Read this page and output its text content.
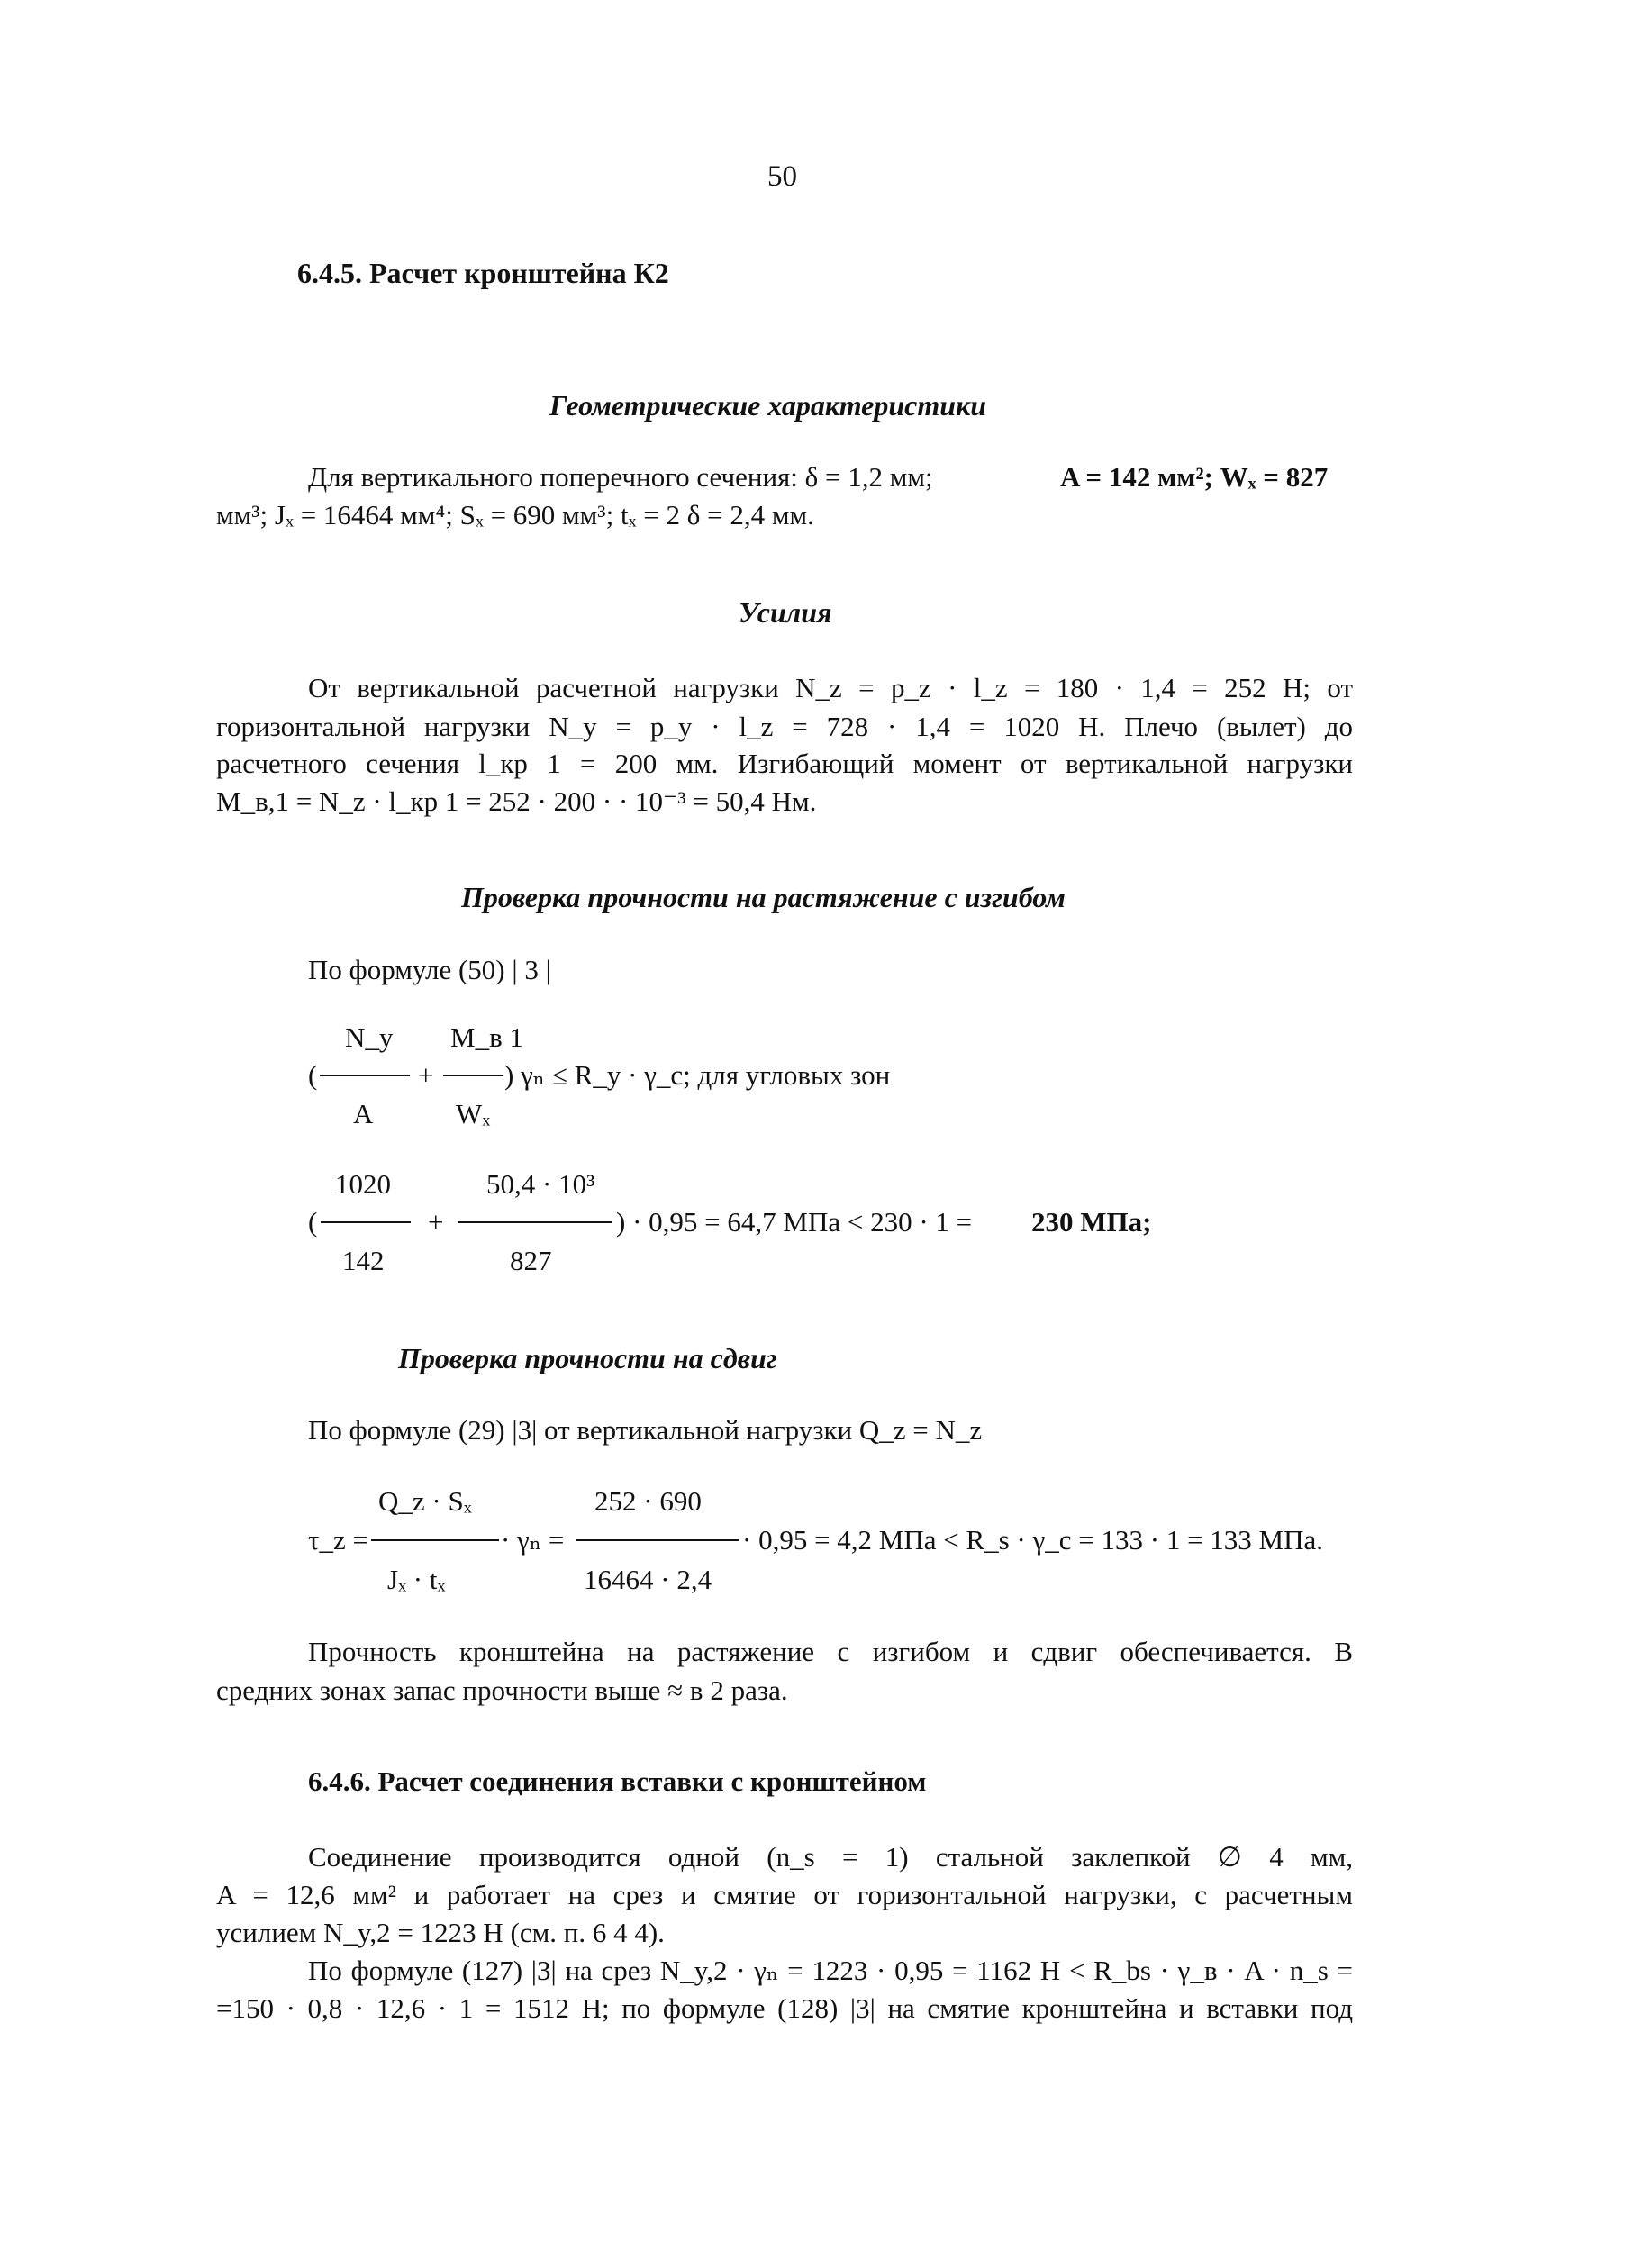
50
6.4.5. Расчет кронштейна К2
Геометрические характеристики
Для вертикального поперечного сечения: δ = 1,2 мм;	A = 142 мм²; Wₓ = 827
мм³; Jₓ = 16464 мм⁴; Sₓ = 690 мм³; tₓ = 2 δ = 2,4 мм.
Усилия
От вертикальной расчетной нагрузки N_z = p_z · l_z = 180 · 1,4 = 252 Н; от
горизонтальной нагрузки N_y = p_y · l_z = 728 · 1,4 = 1020 Н. Плечо (вылет) до
расчетного сечения l_кр 1 = 200 мм. Изгибающий момент от вертикальной нагрузки
M_в,1 = N_z · l_кр 1 = 252 · 200 · · 10⁻³ = 50,4 Нм.
Проверка прочности на растяжение с изгибом
По формуле (50) | 3 |
N_y M_в 1
(	+	) γₙ ≤ R_y · γ_c; для угловых зон
A	Wₓ
1020	50,4 · 10³
(	+	) · 0,95 = 64,7 МПа < 230 · 1 = 230 МПа;
142	827
Проверка прочности на сдвиг
По формуле (29) |3| от вертикальной нагрузки Q_z = N_z
Q_z · Sₓ	252 · 690
τ_z =	· γₙ =	· 0,95 = 4,2 МПа < R_s · γ_c = 133 · 1 = 133 МПа.
Jₓ · tₓ	16464 · 2,4
Прочность кронштейна на растяжение с изгибом и сдвиг обеспечивается. В
средних зонах запас прочности выше ≈ в 2 раза.
6.4.6. Расчет соединения вставки с кронштейном
Соединение производится одной (n_s = 1) стальной заклепкой ∅ 4 мм,
A = 12,6 мм² и работает на срез и смятие от горизонтальной нагрузки, с расчетным
усилием N_y,2 = 1223 Н (см. п. 6 4 4).
По формуле (127) |3| на срез N_y,2 · γₙ = 1223 · 0,95 = 1162 Н < R_bs · γ_в · A · n_s =
=150 · 0,8 · 12,6 · 1 = 1512 Н; по формуле (128) |3| на смятие кронштейна и вставки под
